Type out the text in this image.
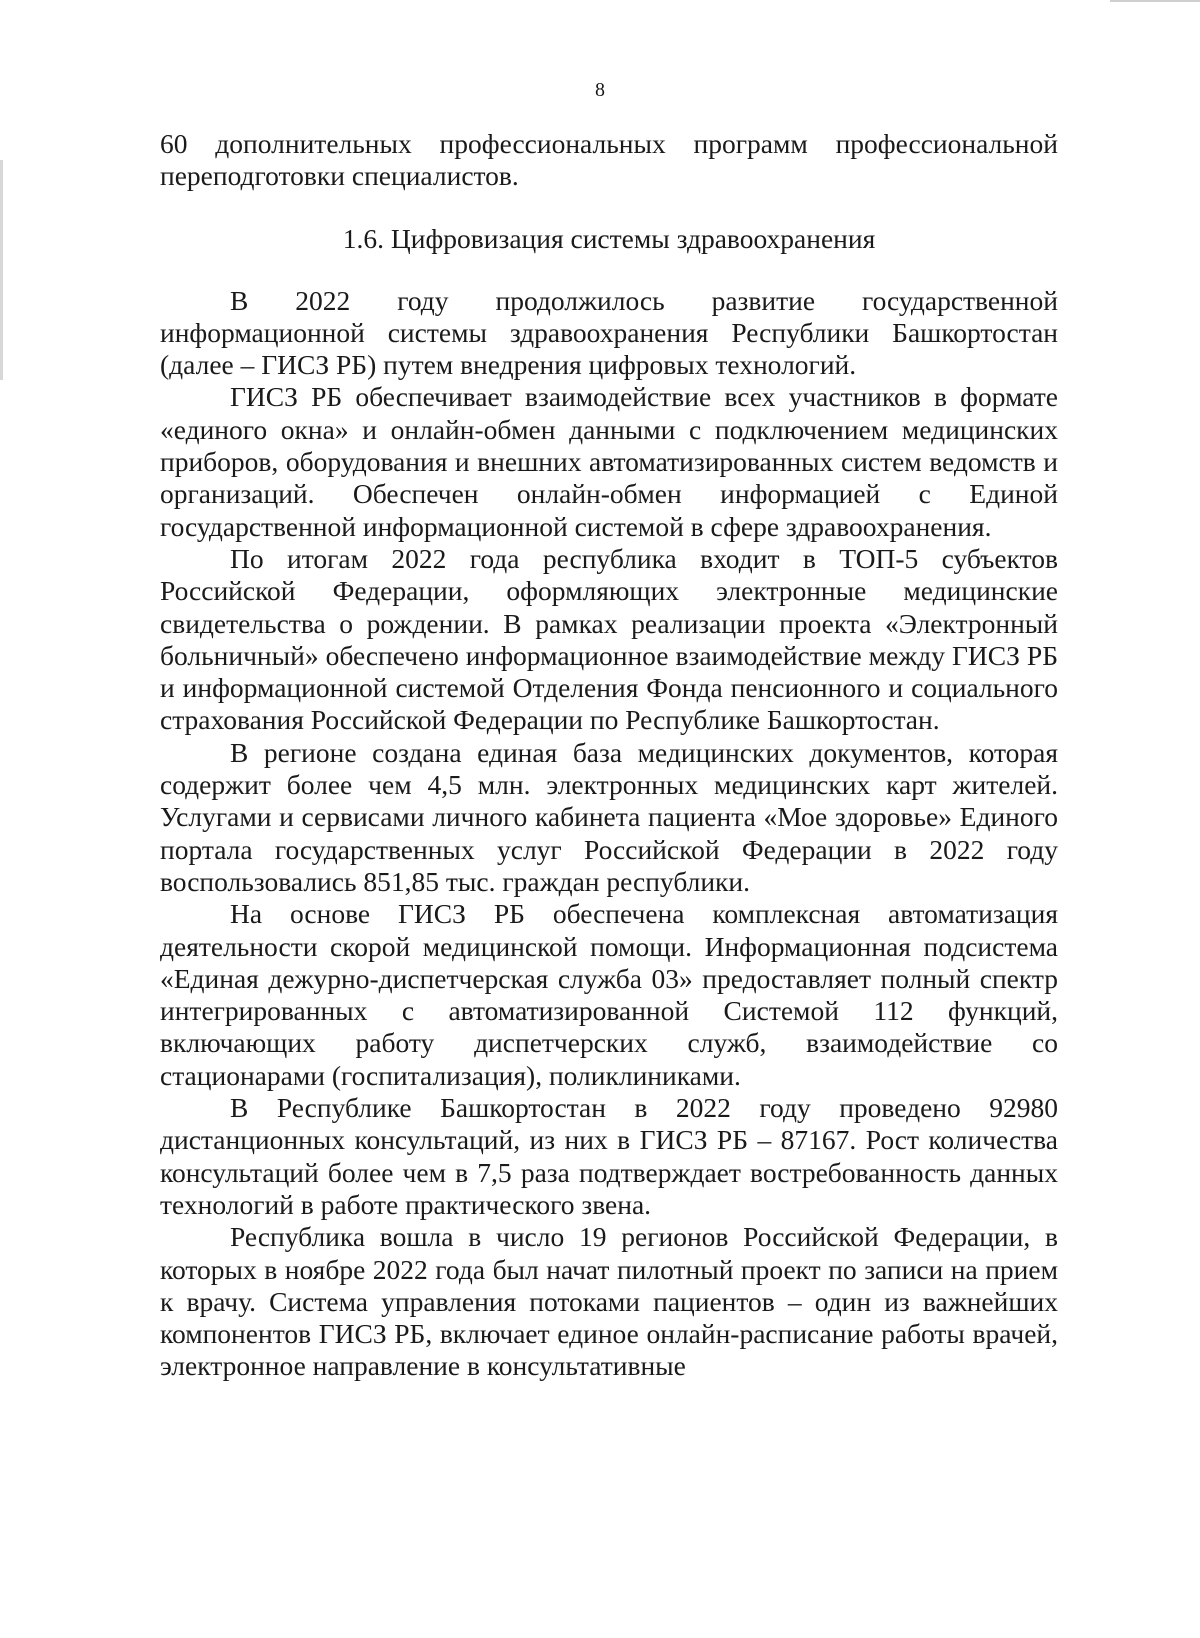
8

60 дополнительных профессиональных программ профессиональной переподготовки специалистов.

1.6. Цифровизация системы здравоохранения

В 2022 году продолжилось развитие государственной информационной системы здравоохранения Республики Башкортостан (далее – ГИСЗ РБ) путем внедрения цифровых технологий.

ГИСЗ РБ обеспечивает взаимодействие всех участников в формате «единого окна» и онлайн-обмен данными с подключением медицинских приборов, оборудования и внешних автоматизированных систем ведомств и организаций. Обеспечен онлайн-обмен информацией с Единой государственной информационной системой в сфере здравоохранения.

По итогам 2022 года республика входит в ТОП-5 субъектов Российской Федерации, оформляющих электронные медицинские свидетельства о рождении. В рамках реализации проекта «Электронный больничный» обеспечено информационное взаимодействие между ГИСЗ РБ и информационной системой Отделения Фонда пенсионного и социального страхования Российской Федерации по Республике Башкортостан.

В регионе создана единая база медицинских документов, которая содержит более чем 4,5 млн. электронных медицинских карт жителей. Услугами и сервисами личного кабинета пациента «Мое здоровье» Единого портала государственных услуг Российской Федерации в 2022 году воспользовались 851,85 тыс. граждан республики.

На основе ГИСЗ РБ обеспечена комплексная автоматизация деятельности скорой медицинской помощи. Информационная подсистема «Единая дежурно-диспетчерская служба 03» предоставляет полный спектр интегрированных с автоматизированной Системой 112 функций, включающих работу диспетчерских служб, взаимодействие со стационарами (госпитализация), поликлиниками.

В Республике Башкортостан в 2022 году проведено 92980 дистанционных консультаций, из них в ГИСЗ РБ – 87167. Рост количества консультаций более чем в 7,5 раза подтверждает востребованность данных технологий в работе практического звена.

Республика вошла в число 19 регионов Российской Федерации, в которых в ноябре 2022 года был начат пилотный проект по записи на прием к врачу. Система управления потоками пациентов – один из важнейших компонентов ГИСЗ РБ, включает единое онлайн-расписание работы врачей, электронное направление в консультативные
